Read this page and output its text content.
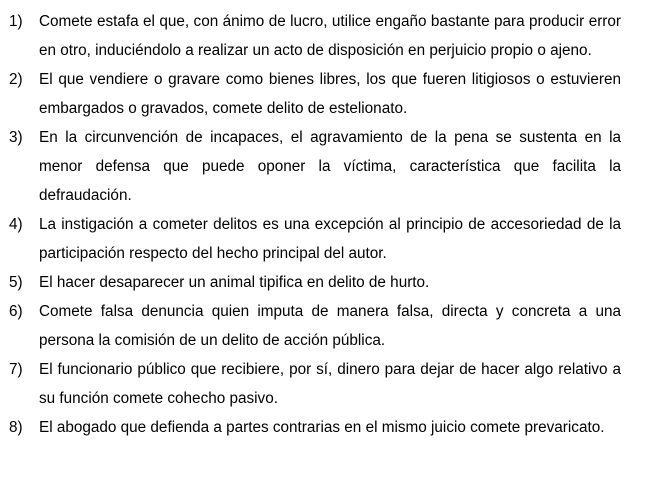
1)	Comete estafa el que, con ánimo de lucro, utilice engaño bastante para producir error en otro, induciéndolo a realizar un acto de disposición en perjuicio propio o ajeno.
2)	El que vendiere o gravare como bienes libres, los que fueren litigiosos o estuvieren embargados o gravados, comete delito de estelionato.
3)	En la circunvención de incapaces, el agravamiento de la pena se sustenta en la menor defensa que puede oponer la víctima, característica que facilita la defraudación.
4)	La instigación a cometer delitos es una excepción al principio de accesoriedad de la participación respecto del hecho principal del autor.
5)	El hacer desaparecer un animal tipifica en delito de hurto.
6)	Comete falsa denuncia quien imputa de manera falsa, directa y concreta a una persona la comisión de un delito de acción pública.
7)	El funcionario público que recibiere, por sí, dinero para dejar de hacer algo relativo a su función comete cohecho pasivo.
8)	El abogado que defienda a partes contrarias en el mismo juicio comete prevaricato.
